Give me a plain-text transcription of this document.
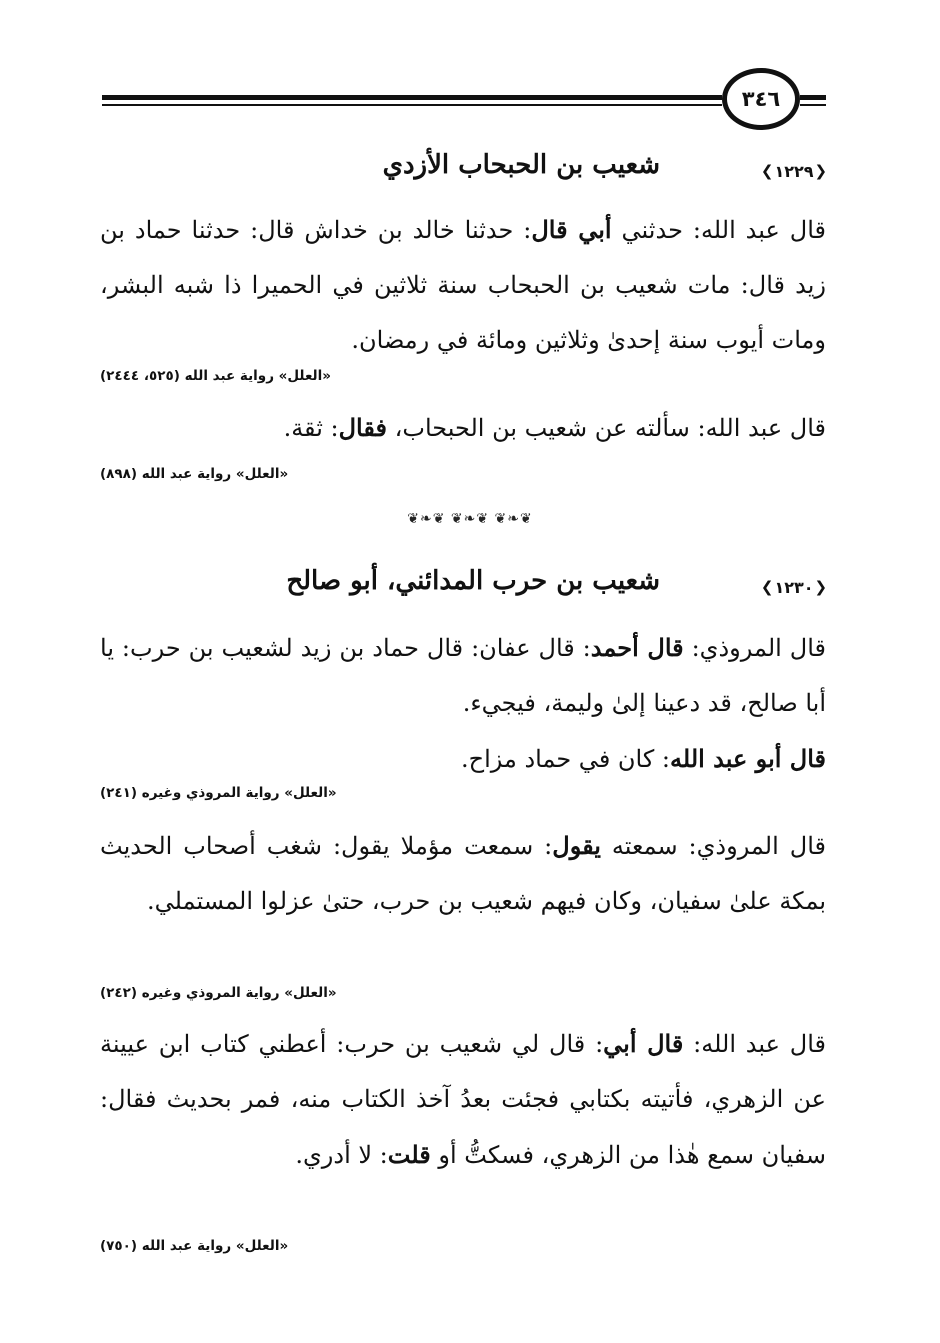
٣٤٦
❮
١٢٢٩
❯
شعيب بن الحبحاب الأزدي
قال عبد الله: حدثني أبي قال: حدثنا خالد بن خداش قال: حدثنا حماد بن زيد قال: مات شعيب بن الحبحاب سنة ثلاثين في الحميرا ذا شبه البشر، ومات أيوب سنة إحدىٰ وثلاثين ومائة في رمضان.
«العلل» رواية عبد الله (٥٢٥، ٢٤٤٤)
قال عبد الله: سألته عن شعيب بن الحبحاب، فقال: ثقة.
«العلل» رواية عبد الله (٨٩٨)
❦❧❦ ❦❧❦ ❦❧❦
❮
١٢٣٠
❯
شعيب بن حرب المدائني، أبو صالح
قال المروذي: قال أحمد: قال عفان: قال حماد بن زيد لشعيب بن حرب: يا أبا صالح، قد دعينا إلىٰ وليمة، فيجيء.
قال أبو عبد الله: كان في حماد مزاح.
«العلل» رواية المروذي وغيره (٢٤١)
قال المروذي: سمعته يقول: سمعت مؤملا يقول: شغب أصحاب الحديث بمكة علىٰ سفيان، وكان فيهم شعيب بن حرب، حتىٰ عزلوا المستملي.
«العلل» رواية المروذي وغيره (٢٤٢)
قال عبد الله: قال أبي: قال لي شعيب بن حرب: أعطني كتاب ابن عيينة عن الزهري، فأتيته بكتابي فجئت بعدُ آخذ الكتاب منه، فمر بحديث فقال: سفيان سمع هٰذا من الزهري، فسكتُّ أو قلت: لا أدري.
«العلل» رواية عبد الله (٧٥٠)
